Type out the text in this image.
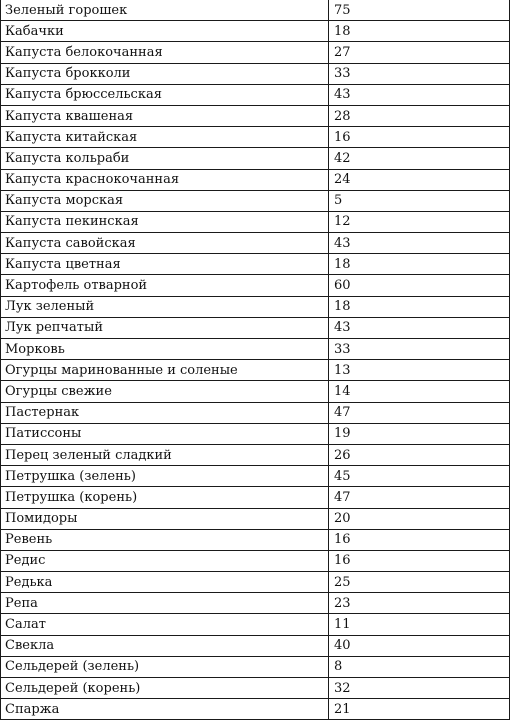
Зеленый горошек	75
Кабачки	18
Капуста белокочанная	27
Капуста брокколи	33
Капуста брюссельская	43
Капуста квашеная	28
Капуста китайская	16
Капуста кольраби	42
Капуста краснокочанная	24
Капуста морская	5
Капуста пекинская	12
Капуста савойская	43
Капуста цветная	18
Картофель отварной	60
Лук зеленый	18
Лук репчатый	43
Морковь	33
Огурцы маринованные и соленые	13
Огурцы свежие	14
Пастернак	47
Патиссоны	19
Перец зеленый сладкий	26
Петрушка (зелень)	45
Петрушка (корень)	47
Помидоры	20
Ревень	16
Редис	16
Редька	25
Репа	23
Салат	11
Свекла	40
Сельдерей (зелень)	8
Сельдерей (корень)	32
Спаржа	21
